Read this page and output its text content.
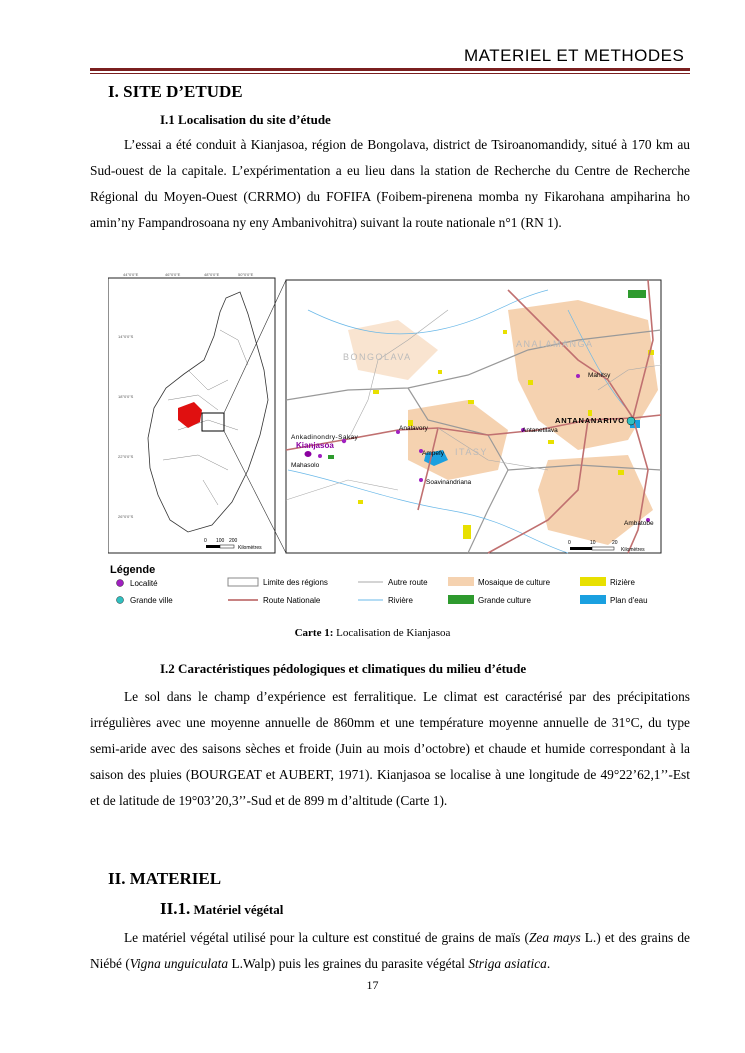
MATERIEL ET METHODES
I. SITE D’ETUDE
I.1 Localisation du site d’étude
L’essai a été conduit à Kianjasoa, région de Bongolava, district de Tsiroanomandidy, situé à 170 km au Sud-ouest de la capitale. L’expérimentation a eu lieu dans la station de Recherche du Centre de Recherche Régional du Moyen-Ouest (CRRMO) du FOFIFA (Foibem-pirenena momba ny Fikarohana ampiharina ho amin’ny Fampandrosoana ny eny Ambanivohitra) suivant la route nationale n°1 (RN 1).
44°0'0"E	46°0'0"E	48°0'0"E	50°0'0"E
14°0'0"S
18°0'0"S
22°0'0"S
26°0'0"S
0 100 200
Kilomètres
BONGOLAVA
ANALAMANGA
ITASY
ANTANANARIVO
Ankadinondry-Sakay
Kianjasoa
Mahasolo
Analavory
Ampefy
Soavinandriana
Antanetilava
Mahitsy
Ambatobe
0	10	20
Kilomètres
Légende
Localité
Grande ville
Limite des régions
Route Nationale
Autre route
Rivière
Mosaique de culture
Grande culture
Rizière
Plan d'eau
Carte 1: Localisation de Kianjasoa
I.2 Caractéristiques pédologiques et climatiques du milieu d’étude
Le sol dans le champ d’expérience est ferralitique. Le climat est caractérisé par des précipitations irrégulières avec une moyenne annuelle de 860mm et une température moyenne annuelle de 31°C, du type semi-aride avec des saisons sèches et froide (Juin au mois d’octobre) et chaude et humide correspondant à la saison des pluies (BOURGEAT et AUBERT, 1971). Kianjasoa se localise à une longitude de 49°22’62,1’’-Est et de latitude de 19°03’20,3’’-Sud et de 899 m d’altitude (Carte 1).
II. MATERIEL
II.1. Matériel végétal
Le matériel végétal utilisé pour la culture est constitué de grains de maïs (Zea mays L.) et des grains de Niébé (Vigna unguiculata L.Walp) puis les graines du parasite végétal Striga asiatica.
17
